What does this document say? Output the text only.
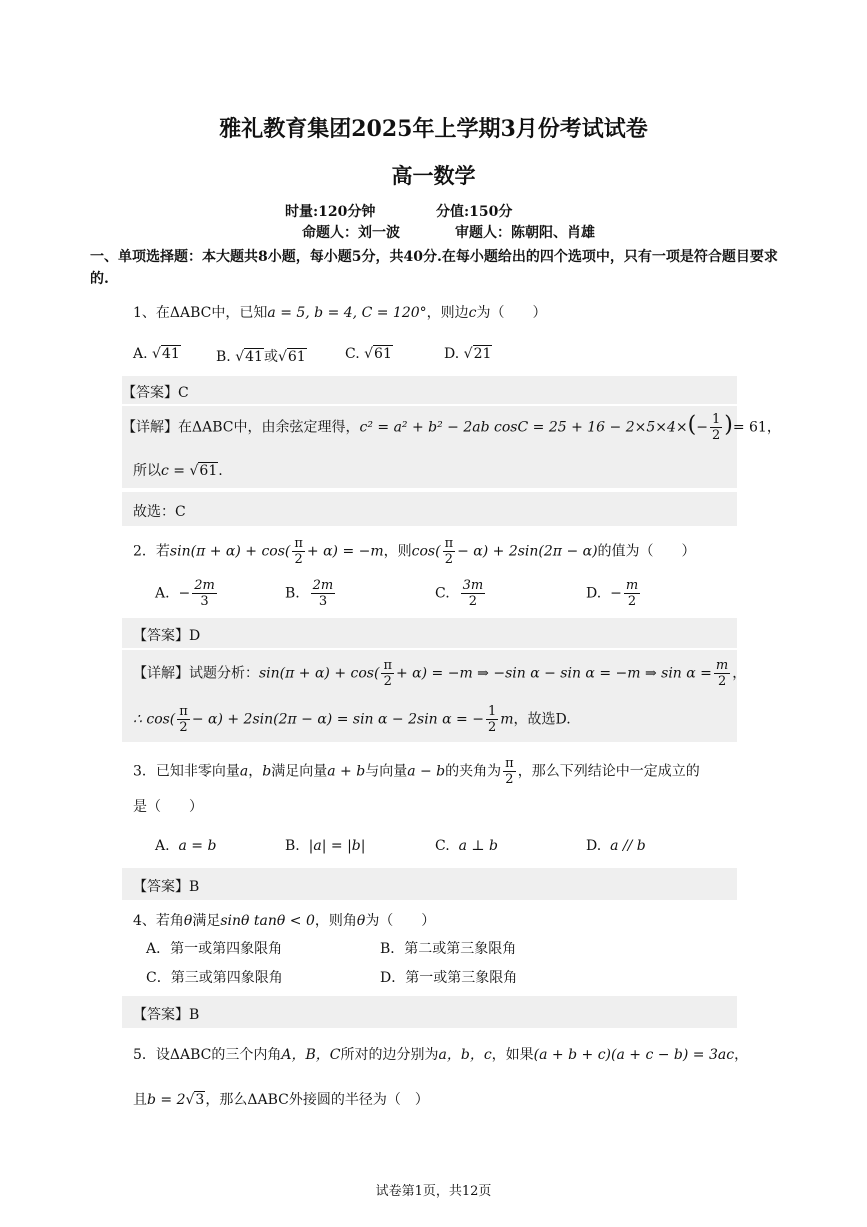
雅礼教育集团2025年上学期3月份考试试卷
高一数学
时量:120分钟	分值:150分
命题人：刘一波	审题人：陈朝阳、肖雄
一、单项选择题：本大题共8小题，每小题5分，共40分.在每小题给出的四个选项中，只有一项是符合题目要求的.
1、在ΔABC中，已知a = 5, b = 4, C = 120°，则边c为（　　）
A. √41	B. √41或√61	C. √61	D. √21
【答案】C
【详解】在ΔABC中，由余弦定理得，c² = a² + b² − 2ab $\cos C = 25 + 16 - 2\times 5\times 4\times(- \frac{1}{2}$ )= 61，
所以c = √61.
故选：C
2．若$\sin(\pi + \alpha) + \cos( \frac{\pi}{2} + \alpha) = -m$，则$\cos( \frac{\pi}{2} - \alpha) + 2\sin(2\pi - \alpha)$的值为（　　）
A. − $\frac{2m}{3}$	B. $\frac{2m}{3}$	C. $\frac{3m}{2}$	D. − $\frac{m}{2}$
【答案】D
【详解】试题分析：$\sin(\pi + \alpha) + \cos( \frac{\pi}{2} + \alpha) = -m$ ⇒ −sin α − sin α = −m ⇒ $\sin \alpha = \frac{m}{2}$ ，
∴ $\cos( \frac{\pi}{2} - \alpha) + 2\sin(2\pi - \alpha) = \sin \alpha - 2\sin$ α = − $\frac{1}{2}$ m，故选D.
3．已知非零向量a，b满足向量a + b与向量a − b的夹角为 $\frac{\pi}{2}$ ，那么下列结论中一定成立的
是（　　）
A. a = b	B. |a| = |b|	C. a ⊥ b	D. a // b
【答案】B
4、若角θ满足sinθ tanθ < 0，则角θ为（　　）
A．第一或第四象限角	B．第二或第三象限角
C．第三或第四象限角	D．第一或第三象限角
【答案】B
5．设ΔABC的三个内角A，B，C所对的边分别为a，b，c，如果(a + b + c)(a + c − b) = 3ac，
且b = 2√3，那么ΔABC外接圆的半径为（　）
试卷第1页，共12页
